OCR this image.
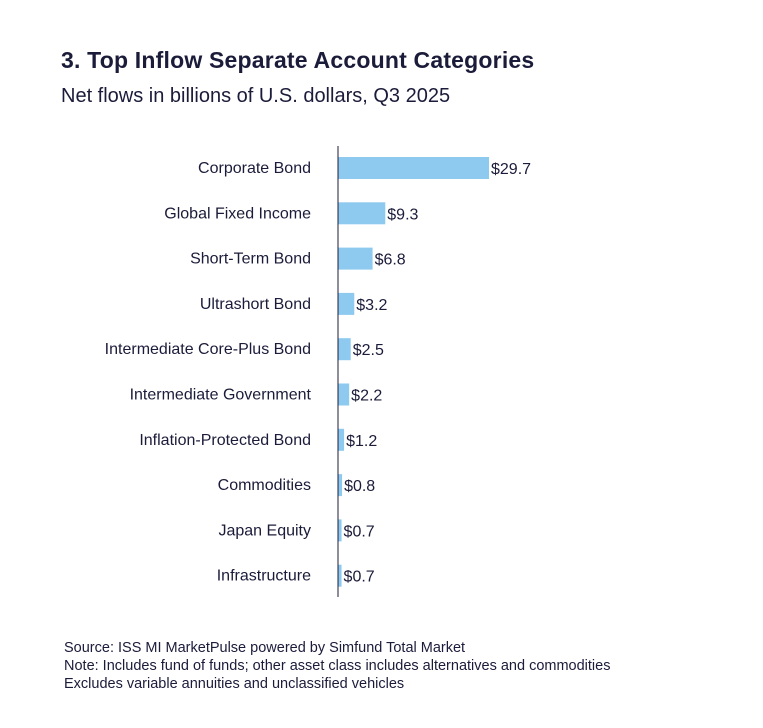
3. Top Inflow Separate Account Categories
Net flows in billions of U.S. dollars, Q3 2025
Corporate Bond	$29.7
Global Fixed Income	$9.3
Short-Term Bond	$6.8
Ultrashort Bond	$3.2
Intermediate Core-Plus Bond	$2.5
Intermediate Government	$2.2
Inflation-Protected Bond $1.2
Commodities $0.8
Japan Equity $0.7
Infrastructure $0.7
Source: ISS MI MarketPulse powered by Simfund Total Market
Note: Includes fund of funds; other asset class includes alternatives and commodities
Excludes variable annuities and unclassified vehicles
